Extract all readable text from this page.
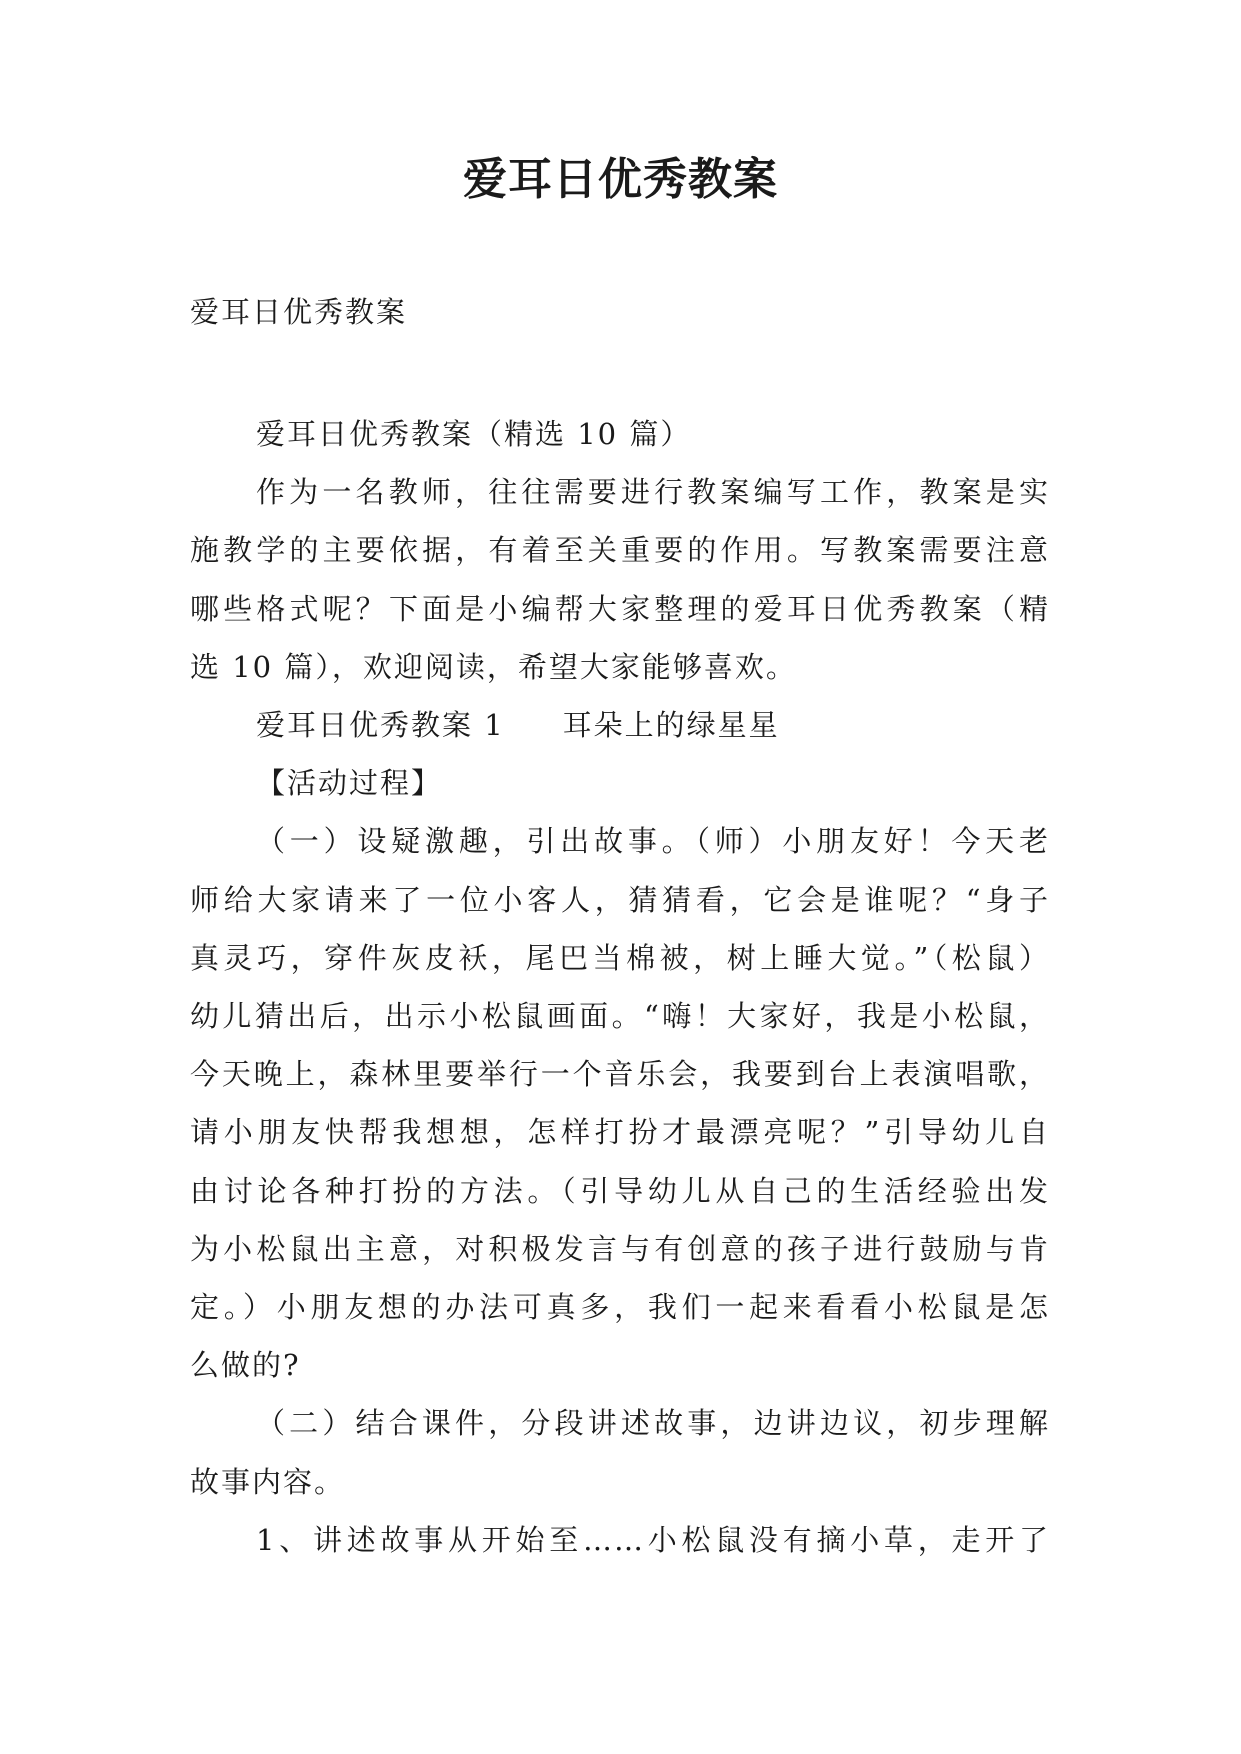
爱耳日优秀教案

爱耳日优秀教案

爱耳日优秀教案（精选 10 篇）
作为一名教师，往往需要进行教案编写工作，教案是实
施教学的主要依据，有着至关重要的作用。写教案需要注意
哪些格式呢？下面是小编帮大家整理的爱耳日优秀教案（精
选 10 篇），欢迎阅读，希望大家能够喜欢。
爱耳日优秀教案 1 耳朵上的绿星星
【活动过程】
（一）设疑激趣，引出故事。（师）小朋友好！今天老
师给大家请来了一位小客人，猜猜看，它会是谁呢？“身子
真灵巧，穿件灰皮袄，尾巴当棉被，树上睡大觉。”（松鼠）
幼儿猜出后，出示小松鼠画面。“嗨！大家好，我是小松鼠，
今天晚上，森林里要举行一个音乐会，我要到台上表演唱歌，
请小朋友快帮我想想，怎样打扮才最漂亮呢？”引导幼儿自
由讨论各种打扮的方法。（引导幼儿从自己的生活经验出发
为小松鼠出主意，对积极发言与有创意的孩子进行鼓励与肯
定。）小朋友想的办法可真多，我们一起来看看小松鼠是怎
么做的?
（二）结合课件，分段讲述故事，边讲边议，初步理解
故事内容。
1、讲述故事从开始至……小松鼠没有摘小草，走开了
